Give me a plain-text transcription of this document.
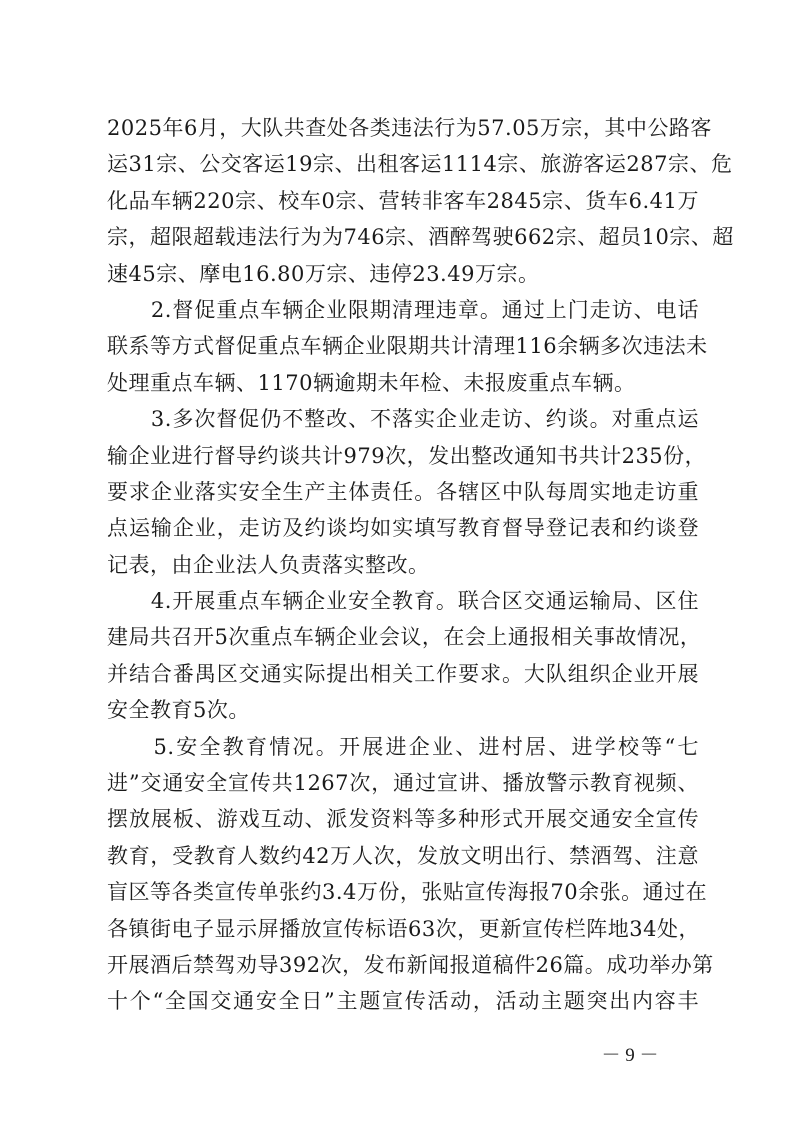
2025年6月，大队共查处各类违法行为57.05万宗，其中公路客
运31宗、公交客运19宗、出租客运1114宗、旅游客运287宗、危
化品车辆220宗、校车0宗、营转非客车2845宗、货车6.41万
宗，超限超载违法行为为746宗、酒醉驾驶662宗、超员10宗、超
速45宗、摩电16.80万宗、违停23.49万宗。
　　2.督促重点车辆企业限期清理违章。通过上门走访、电话
联系等方式督促重点车辆企业限期共计清理116余辆多次违法未
处理重点车辆、1170辆逾期未年检、未报废重点车辆。
　　3.多次督促仍不整改、不落实企业走访、约谈。对重点运
输企业进行督导约谈共计979次，发出整改通知书共计235份，
要求企业落实安全生产主体责任。各辖区中队每周实地走访重
点运输企业，走访及约谈均如实填写教育督导登记表和约谈登
记表，由企业法人负责落实整改。
　　4.开展重点车辆企业安全教育。联合区交通运输局、区住
建局共召开5次重点车辆企业会议，在会上通报相关事故情况，
并结合番禺区交通实际提出相关工作要求。大队组织企业开展
安全教育5次。
　　5.安全教育情况。开展进企业、进村居、进学校等“七
进”交通安全宣传共1267次，通过宣讲、播放警示教育视频、
摆放展板、游戏互动、派发资料等多种形式开展交通安全宣传
教育，受教育人数约42万人次，发放文明出行、禁酒驾、注意
盲区等各类宣传单张约3.4万份，张贴宣传海报70余张。通过在
各镇街电子显示屏播放宣传标语63次，更新宣传栏阵地34处，
开展酒后禁驾劝导392次，发布新闻报道稿件26篇。成功举办第
十个“全国交通安全日”主题宣传活动，活动主题突出内容丰
－ 9 －
